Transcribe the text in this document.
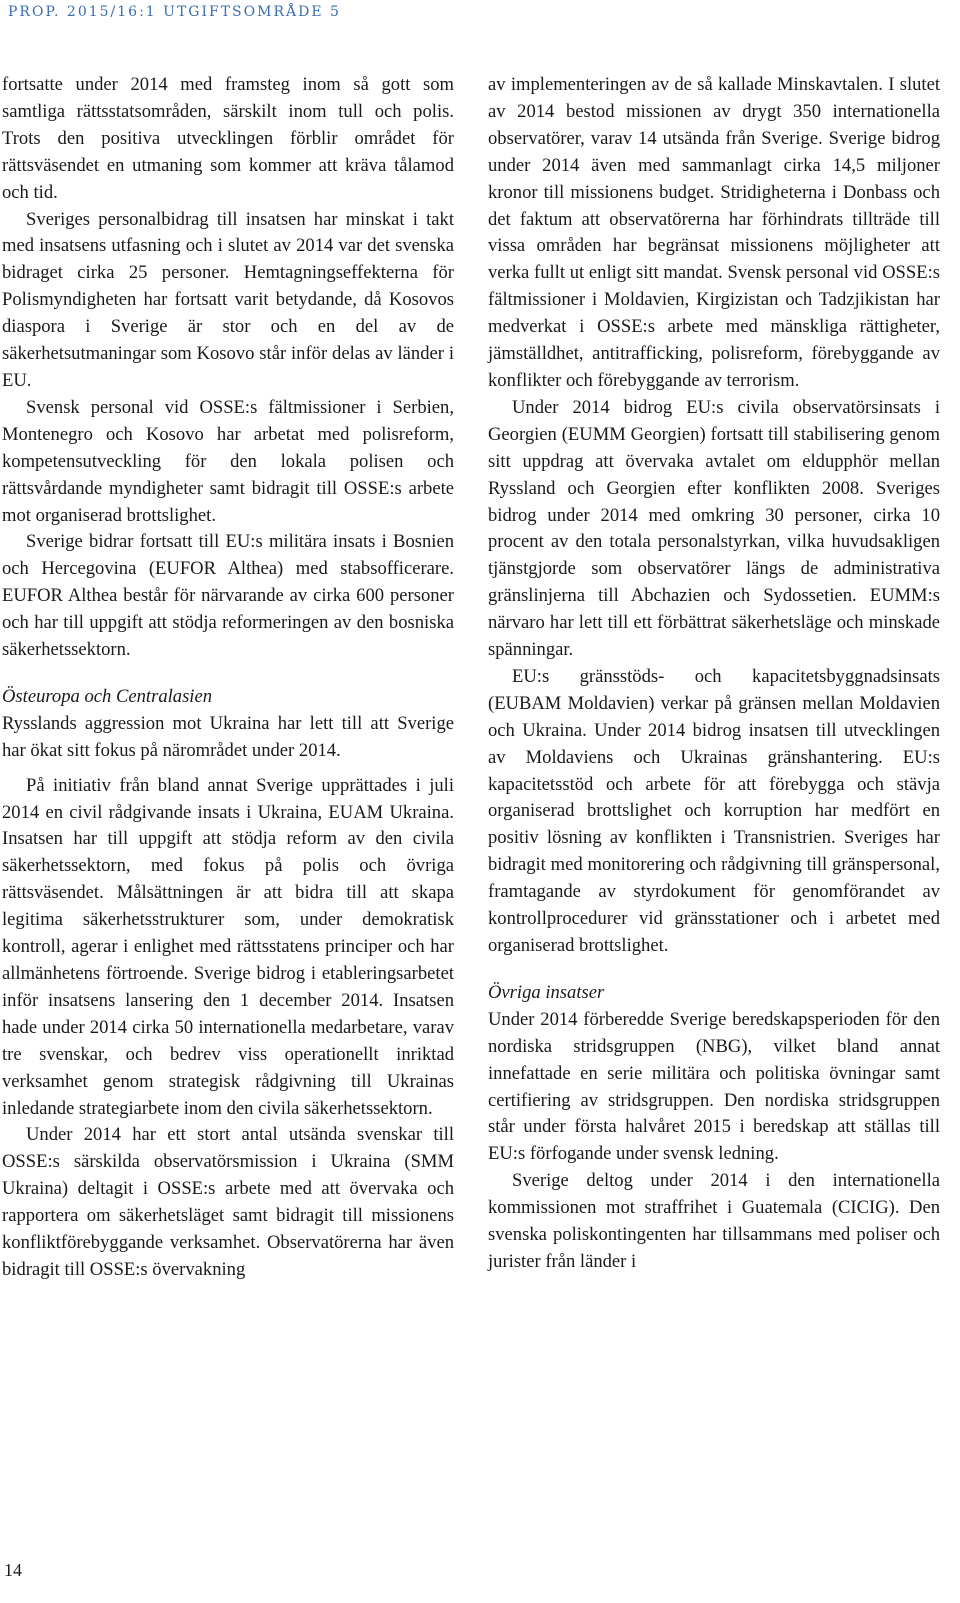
PROP. 2015/16:1 UTGIFTSOMRÅDE 5

fortsatte under 2014 med framsteg inom så gott som samtliga rättsstatsområden, särskilt inom tull och polis. Trots den positiva utvecklingen förblir området för rättsväsendet en utmaning som kommer att kräva tålamod och tid.

Sveriges personalbidrag till insatsen har minskat i takt med insatsens utfasning och i slutet av 2014 var det svenska bidraget cirka 25 personer. Hemtagningseffekterna för Polismyndigheten har fortsatt varit betydande, då Kosovos diaspora i Sverige är stor och en del av de säkerhetsutmaningar som Kosovo står inför delas av länder i EU.

Svensk personal vid OSSE:s fältmissioner i Serbien, Montenegro och Kosovo har arbetat med polisreform, kompetensutveckling för den lokala polisen och rättsvårdande myndigheter samt bidragit till OSSE:s arbete mot organiserad brottslighet.

Sverige bidrar fortsatt till EU:s militära insats i Bosnien och Hercegovina (EUFOR Althea) med stabsofficerare. EUFOR Althea består för närvarande av cirka 600 personer och har till uppgift att stödja reformeringen av den bosniska säkerhetssektorn.

Östeuropa och Centralasien

Rysslands aggression mot Ukraina har lett till att Sverige har ökat sitt fokus på närområdet under 2014.

På initiativ från bland annat Sverige upprättades i juli 2014 en civil rådgivande insats i Ukraina, EUAM Ukraina. Insatsen har till uppgift att stödja reform av den civila säkerhetssektorn, med fokus på polis och övriga rättsväsendet. Målsättningen är att bidra till att skapa legitima säkerhetsstrukturer som, under demokratisk kontroll, agerar i enlighet med rättsstatens principer och har allmänhetens förtroende. Sverige bidrog i etableringsarbetet inför insatsens lansering den 1 december 2014. Insatsen hade under 2014 cirka 50 internationella medarbetare, varav tre svenskar, och bedrev viss operationellt inriktad verksamhet genom strategisk rådgivning till Ukrainas inledande strategiarbete inom den civila säkerhetssektorn.

Under 2014 har ett stort antal utsända svenskar till OSSE:s särskilda observatörsmission i Ukraina (SMM Ukraina) deltagit i OSSE:s arbete med att övervaka och rapportera om säkerhetsläget samt bidragit till missionens konfliktförebyggande verksamhet. Observatörerna har även bidragit till OSSE:s övervakning

av implementeringen av de så kallade Minskavtalen. I slutet av 2014 bestod missionen av drygt 350 internationella observatörer, varav 14 utsända från Sverige. Sverige bidrog under 2014 även med sammanlagt cirka 14,5 miljoner kronor till missionens budget. Stridigheterna i Donbass och det faktum att observatörerna har förhindrats tillträde till vissa områden har begränsat missionens möjligheter att verka fullt ut enligt sitt mandat. Svensk personal vid OSSE:s fältmissioner i Moldavien, Kirgizistan och Tadzjikistan har medverkat i OSSE:s arbete med mänskliga rättigheter, jämställdhet, antitrafficking, polisreform, förebyggande av konflikter och förebyggande av terrorism.

Under 2014 bidrog EU:s civila observatörsinsats i Georgien (EUMM Georgien) fortsatt till stabilisering genom sitt uppdrag att övervaka avtalet om eldupphör mellan Ryssland och Georgien efter konflikten 2008. Sveriges bidrog under 2014 med omkring 30 personer, cirka 10 procent av den totala personalstyrkan, vilka huvudsakligen tjänstgjorde som observatörer längs de administrativa gränslinjerna till Abchazien och Sydossetien. EUMM:s närvaro har lett till ett förbättrat säkerhetsläge och minskade spänningar.

EU:s gränsstöds- och kapacitetsbyggnadsinsats (EUBAM Moldavien) verkar på gränsen mellan Moldavien och Ukraina. Under 2014 bidrog insatsen till utvecklingen av Moldaviens och Ukrainas gränshantering. EU:s kapacitetsstöd och arbete för att förebygga och stävja organiserad brottslighet och korruption har medfört en positiv lösning av konflikten i Transnistrien. Sveriges har bidragit med monitorering och rådgivning till gränspersonal, framtagande av styrdokument för genomförandet av kontrollprocedurer vid gränsstationer och i arbetet med organiserad brottslighet.

Övriga insatser

Under 2014 förberedde Sverige beredskapsperioden för den nordiska stridsgruppen (NBG), vilket bland annat innefattade en serie militära och politiska övningar samt certifiering av stridsgruppen. Den nordiska stridsgruppen står under första halvåret 2015 i beredskap att ställas till EU:s förfogande under svensk ledning.

Sverige deltog under 2014 i den internationella kommissionen mot straffrihet i Guatemala (CICIG). Den svenska poliskontingenten har tillsammans med poliser och jurister från länder i

14
